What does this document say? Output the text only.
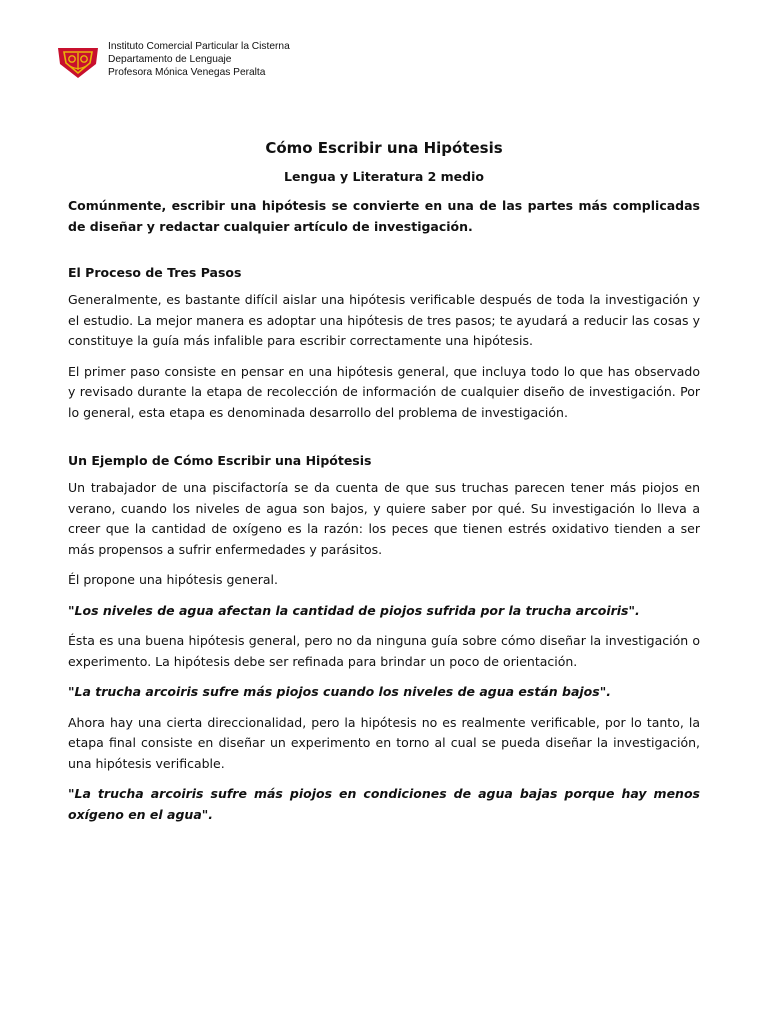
Instituto Comercial Particular la Cisterna
Departamento de Lenguaje
Profesora Mónica Venegas Peralta
Cómo Escribir una Hipótesis
Lengua y Literatura 2 medio

Comúnmente, escribir una hipótesis se convierte en una de las partes más complicadas de diseñar y redactar cualquier artículo de investigación.

El Proceso de Tres Pasos

Generalmente, es bastante difícil aislar una hipótesis verificable después de toda la investigación y el estudio. La mejor manera es adoptar una hipótesis de tres pasos; te ayudará a reducir las cosas y constituye la guía más infalible para escribir correctamente una hipótesis.

El primer paso consiste en pensar en una hipótesis general, que incluya todo lo que has observado y revisado durante la etapa de recolección de información de cualquier diseño de investigación. Por lo general, esta etapa es denominada desarrollo del problema de investigación.

Un Ejemplo de Cómo Escribir una Hipótesis

Un trabajador de una piscifactoría se da cuenta de que sus truchas parecen tener más piojos en verano, cuando los niveles de agua son bajos, y quiere saber por qué. Su investigación lo lleva a creer que la cantidad de oxígeno es la razón: los peces que tienen estrés oxidativo tienden a ser más propensos a sufrir enfermedades y parásitos.

Él propone una hipótesis general.

"Los niveles de agua afectan la cantidad de piojos sufrida por la trucha arcoiris".

Ésta es una buena hipótesis general, pero no da ninguna guía sobre cómo diseñar la investigación o experimento. La hipótesis debe ser refinada para brindar un poco de orientación.

"La trucha arcoiris sufre más piojos cuando los niveles de agua están bajos".

Ahora hay una cierta direccionalidad, pero la hipótesis no es realmente verificable, por lo tanto, la etapa final consiste en diseñar un experimento en torno al cual se pueda diseñar la investigación, una hipótesis verificable.

"La trucha arcoiris sufre más piojos en condiciones de agua bajas porque hay menos oxígeno en el agua".
